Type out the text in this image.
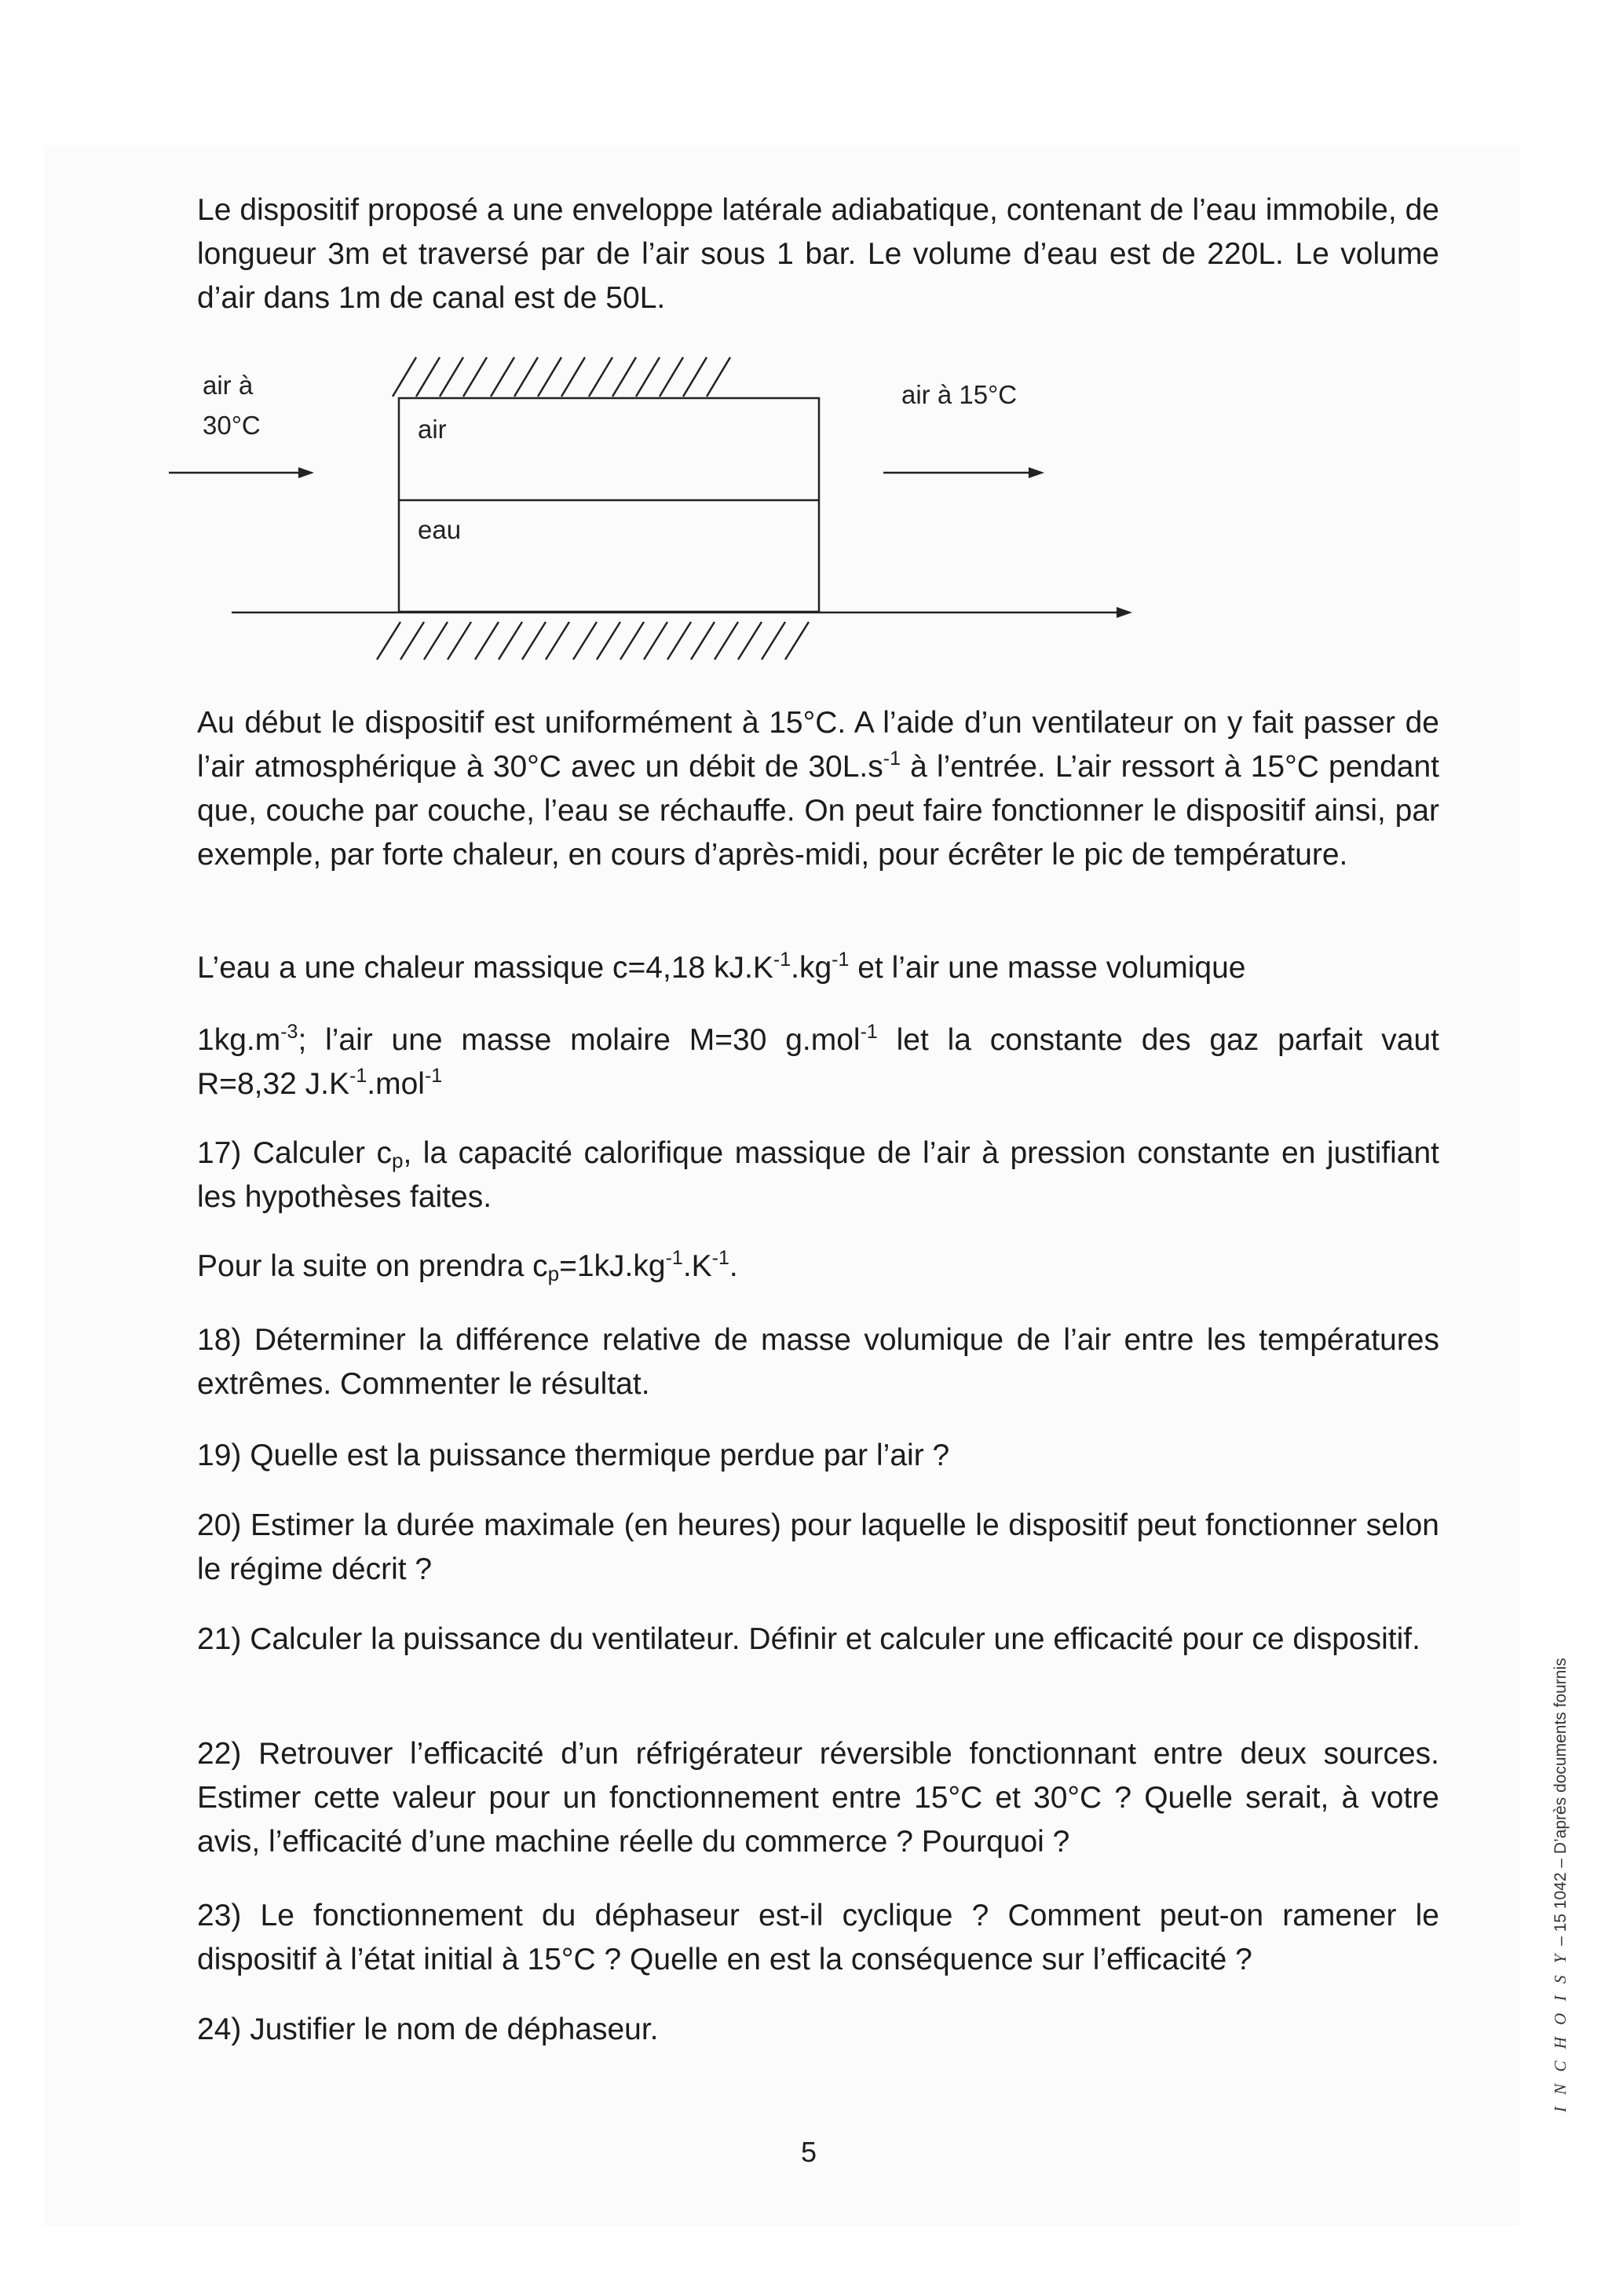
Le dispositif proposé a une enveloppe latérale adiabatique, contenant de l’eau immobile, de longueur 3m et traversé par de l’air sous 1 bar. Le volume d’eau est de 220L. Le volume d’air dans 1m de canal est de 50L.

air à
30°C
air à 15°C
air
eau

Au début le dispositif est uniformément à 15°C. A l’aide d’un ventilateur on y fait passer de l’air atmosphérique à 30°C avec un débit de $30L.s^{-1}$ à l’entrée. L’air ressort à 15°C pendant que, couche par couche, l’eau se réchauffe. On peut faire fonctionner le dispositif ainsi, par exemple, par forte chaleur, en cours d’après-midi, pour écrêter le pic de température.

L’eau a une chaleur massique c=4,18 $kJ.K^{-1}.kg^{-1}$ et l’air une masse volumique

$1kg.m^{-3}$; l’air une masse molaire M=30 g.mol$^{-1}$ let la constante des gaz parfait vaut
R=8,32 $J.K^{-1}.mol^{-1}$

17) Calculer $c_p$, la capacité calorifique massique de l’air à pression constante en justifiant les hypothèses faites.

Pour la suite on prendra $c_p=1kJ.kg^{-1}.K^{-1}$.

18) Déterminer la différence relative de masse volumique de l’air entre les températures extrêmes. Commenter le résultat.

19) Quelle est la puissance thermique perdue par l’air ?

20) Estimer la durée maximale (en heures) pour laquelle le dispositif peut fonctionner selon le régime décrit ?

21) Calculer la puissance du ventilateur. Définir et calculer une efficacité pour ce dispositif.

22) Retrouver l’efficacité d’un réfrigérateur réversible fonctionnant entre deux sources. Estimer cette valeur pour un fonctionnement entre 15°C et 30°C ? Quelle serait, à votre avis, l’efficacité d’une machine réelle du commerce ? Pourquoi ?

23) Le fonctionnement du déphaseur est-il cyclique ? Comment peut-on ramener le dispositif à l’état initial à 15°C ? Quelle en est la conséquence sur l’efficacité ?

24) Justifier le nom de déphaseur.

5
I N C H O I S Y – 15 1042 – D’après documents fournis
